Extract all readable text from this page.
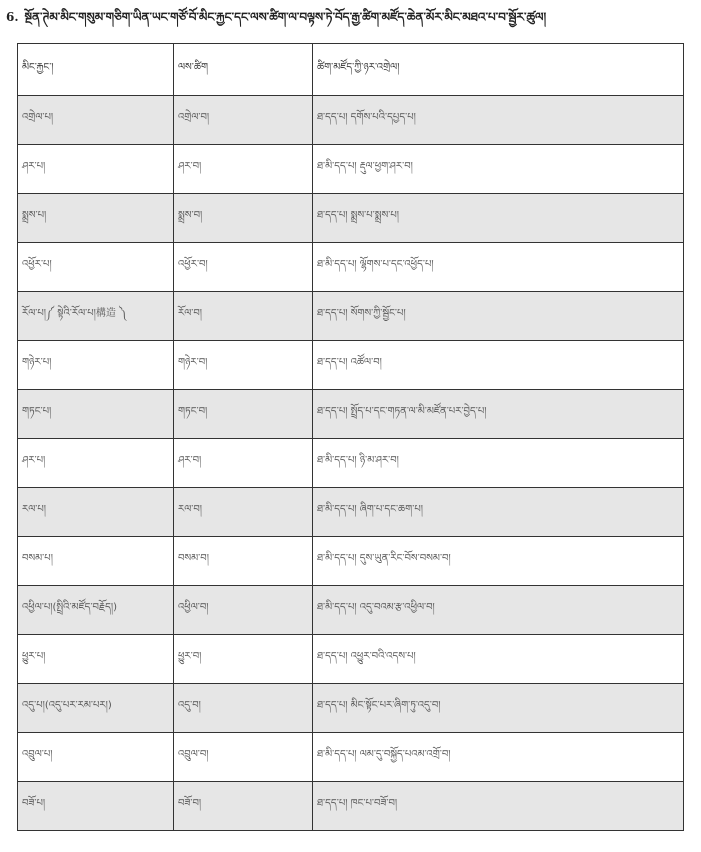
6. སྔོན་ཊེམ་མིང་གསུམ་གཅིག་ཡིན་ཡང་གཙོ་བོ་མིང་རྐྱང་དང་ལས་ཚིག་ལ་བལྟས་ཏེ་བོད་རྒྱ་ཚིག་མཛོད་ཆེན་མོར་མིང་མཐའ་པ་བ་སྦྱོར་ཚུལ།
མིང་རྐྱང་།	ལས་ཚིག	ཚིག་མཛོད་ཀྱི་ཉར་འགྲེལ།
འགྲེལ་པ།	འགྲེལ་བ།	ཐ་དད་པ། དགོས་པའི་དཔྱད་པ།
ཤར་པ།	ཤར་བ།	ཐ་མི་དད་པ། རྡུལ་ཕྱག་ཤར་བ།
སྨྲས་པ།	སྨྲས་བ།	ཐ་དད་པ། སྨྲས་པ་སྨྲས་པ།
འཕྱོར་པ།	འཕྱོར་བ།	ཐ་མི་དད་པ། ལྷོགས་པ་དང་འཕྱོད་པ།
རོལ་པ།༼ སྟེའི་རོལ་པ།構造 ༽	རོལ་བ།	ཐ་དད་པ། སོགས་ཀྱི་སྦྱོང་པ།
གཉེར་པ།	གཉེར་བ།	ཐ་དད་པ། འཚོལ་བ།
གཏང་པ།	གཏང་བ།	ཐ་དད་པ། སྤྲོད་པ་དང་གཏན་ལ་མི་མཛོན་པར་བྱེད་པ།
ཤར་པ།	ཤར་བ།	ཐ་མི་དད་པ། ཉི་མ་ཤར་བ།
རལ་པ།	རལ་བ།	ཐ་མི་དད་པ། ཞིག་པ་དང་ཆག་པ།
བསམ་པ།	བསམ་བ།	ཐ་མི་དད་པ། དུས་ཡུན་རིང་བོས་བསམ་བ།
འཕྱིལ་པ།(སྤྲིའི་མཛོད་བརྗོད།)	འཕྱིལ་བ།	ཐ་མི་དད་པ། འདུ་བའམ་རྩ་འཕྱིལ་བ།
ཕྱུར་པ།	ཕྱུར་བ།	ཐ་དད་པ། འཕྱུར་བའི་འདས་པ།
འདུ་པ།(འདུ་པར་རམ་པར།)	འདུ་བ།	ཐ་དད་པ། མིང་སྟོང་པར་ཞིག་ཏུ་འདུ་བ།
འབྲུལ་པ།	འབྲུལ་བ།	ཐ་མི་དད་པ། ལམ་དུ་བསྐྱོད་པའམ་འགྲོ་བ།
བཟོ་པ།	བཟོ་བ།	ཐ་དད་པ། ཁང་པ་བཟོ་བ།
